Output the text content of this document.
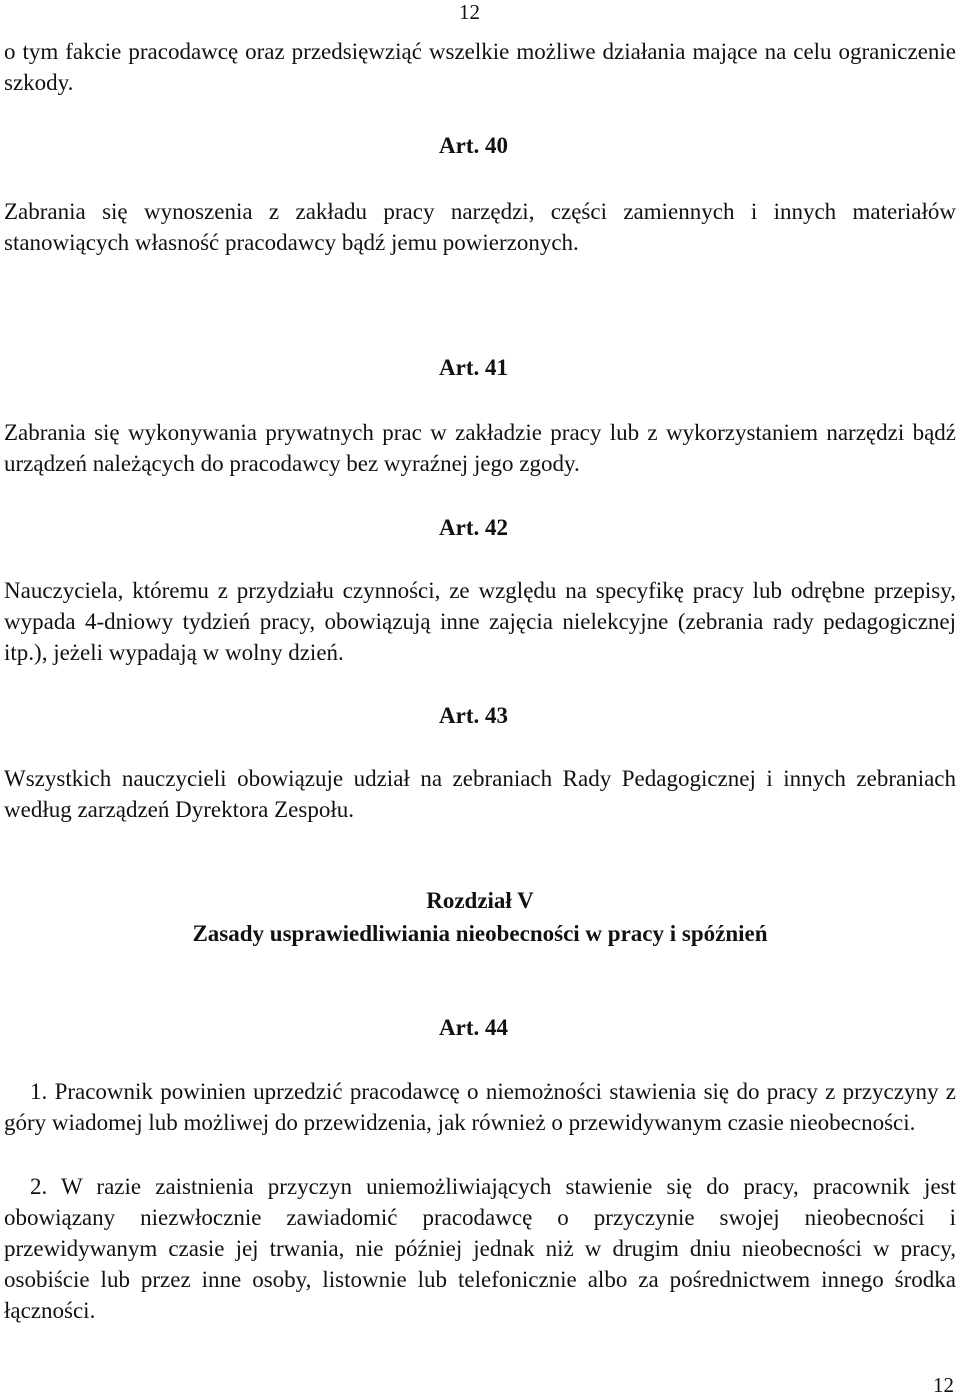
12
o tym fakcie pracodawcę oraz przedsięwziąć wszelkie możliwe działania mające na celu ograniczenie szkody.
Art. 40
Zabrania się wynoszenia z zakładu pracy narzędzi, części zamiennych i innych materiałów stanowiących własność pracodawcy bądź jemu powierzonych.
Art. 41
Zabrania się wykonywania prywatnych prac w zakładzie pracy lub z wykorzystaniem narzędzi bądź urządzeń należących do pracodawcy bez wyraźnej jego zgody.
Art. 42
Nauczyciela, któremu z przydziału czynności, ze względu na specyfikę pracy lub odrębne przepisy, wypada 4-dniowy tydzień pracy, obowiązują inne zajęcia nielekcyjne (zebrania rady pedagogicznej itp.), jeżeli wypadają w wolny dzień.
Art. 43
Wszystkich nauczycieli obowiązuje udział na zebraniach Rady Pedagogicznej i innych zebraniach według zarządzeń Dyrektora Zespołu.
Rozdział V
Zasady usprawiedliwiania nieobecności w pracy i spóźnień
Art. 44
1. Pracownik powinien uprzedzić pracodawcę o niemożności stawienia się do pracy z przyczyny z góry wiadomej lub możliwej do przewidzenia, jak również o przewidywanym czasie nieobecności.
2. W razie zaistnienia przyczyn uniemożliwiających stawienie się do pracy, pracownik jest obowiązany niezwłocznie zawiadomić pracodawcę o przyczynie swojej nieobecności i przewidywanym czasie jej trwania, nie później jednak niż w drugim dniu nieobecności w pracy, osobiście lub przez inne osoby, listownie lub telefonicznie albo za pośrednictwem innego środka łączności.
12
